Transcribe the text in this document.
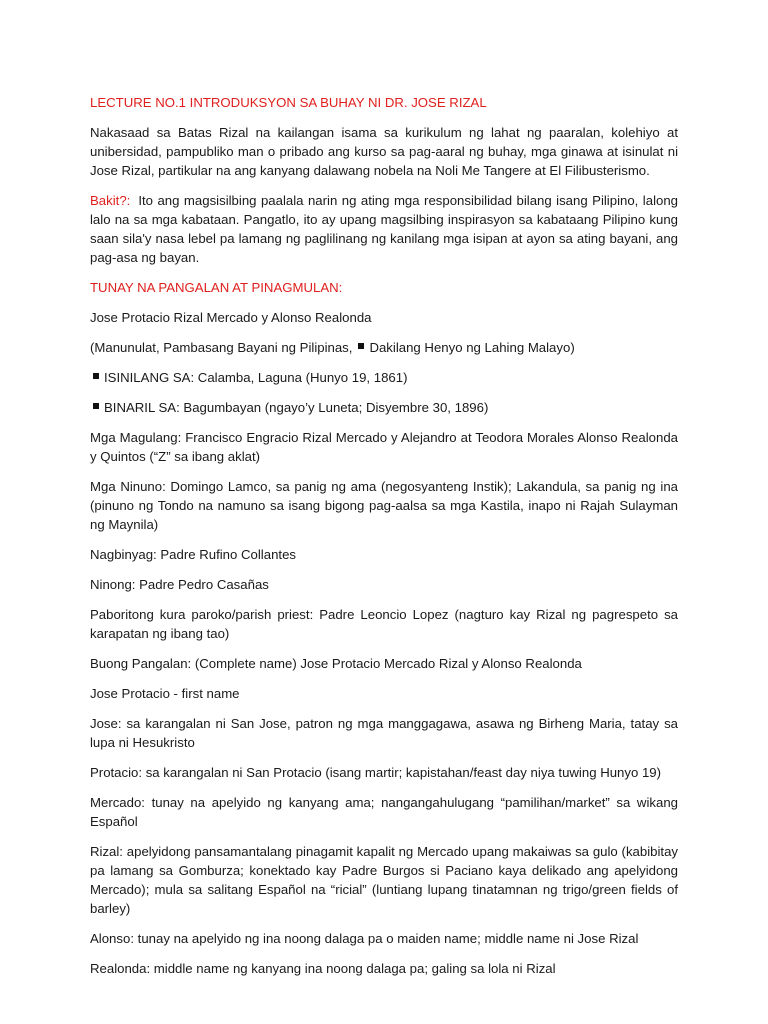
LECTURE NO.1 INTRODUKSYON SA BUHAY NI DR. JOSE RIZAL

Nakasaad sa Batas Rizal na kailangan isama sa kurikulum ng lahat ng paaralan, kolehiyo at unibersidad, pampubliko man o pribado ang kurso sa pag-aaral ng buhay, mga ginawa at isinulat ni Jose Rizal, partikular na ang kanyang dalawang nobela na Noli Me Tangere at El Filibusterismo.

Bakit?: Ito ang magsisilbing paalala narin ng ating mga responsibilidad bilang isang Pilipino, lalong lalo na sa mga kabataan. Pangatlo, ito ay upang magsilbing inspirasyon sa kabataang Pilipino kung saan sila'y nasa lebel pa lamang ng paglilinang ng kanilang mga isipan at ayon sa ating bayani, ang pag-asa ng bayan.

TUNAY NA PANGALAN AT PINAGMULAN:

Jose Protacio Rizal Mercado y Alonso Realonda

(Manunulat, Pambasang Bayani ng Pilipinas, Dakilang Henyo ng Lahing Malayo)

ISINILANG SA: Calamba, Laguna (Hunyo 19, 1861)

BINARIL SA: Bagumbayan (ngayo’y Luneta; Disyembre 30, 1896)

Mga Magulang: Francisco Engracio Rizal Mercado y Alejandro at Teodora Morales Alonso Realonda y Quintos (“Z” sa ibang aklat)

Mga Ninuno: Domingo Lamco, sa panig ng ama (negosyanteng Instik); Lakandula, sa panig ng ina (pinuno ng Tondo na namuno sa isang bigong pag-aalsa sa mga Kastila, inapo ni Rajah Sulayman ng Maynila)

Nagbinyag: Padre Rufino Collantes

Ninong: Padre Pedro Casañas

Paboritong kura paroko/parish priest: Padre Leoncio Lopez (nagturo kay Rizal ng pagrespeto sa karapatan ng ibang tao)

Buong Pangalan: (Complete name) Jose Protacio Mercado Rizal y Alonso Realonda

Jose Protacio - first name

Jose: sa karangalan ni San Jose, patron ng mga manggagawa, asawa ng Birheng Maria, tatay sa lupa ni Hesukristo

Protacio: sa karangalan ni San Protacio (isang martir; kapistahan/feast day niya tuwing Hunyo 19)

Mercado: tunay na apelyido ng kanyang ama; nangangahulugang “pamilihan/market” sa wikang Español

Rizal: apelyidong pansamantalang pinagamit kapalit ng Mercado upang makaiwas sa gulo (kabibitay pa lamang sa Gomburza; konektado kay Padre Burgos si Paciano kaya delikado ang apelyidong Mercado); mula sa salitang Español na “ricial” (luntiang lupang tinatamnan ng trigo/green fields of barley)

Alonso: tunay na apelyido ng ina noong dalaga pa o maiden name; middle name ni Jose Rizal

Realonda: middle name ng kanyang ina noong dalaga pa; galing sa lola ni Rizal
